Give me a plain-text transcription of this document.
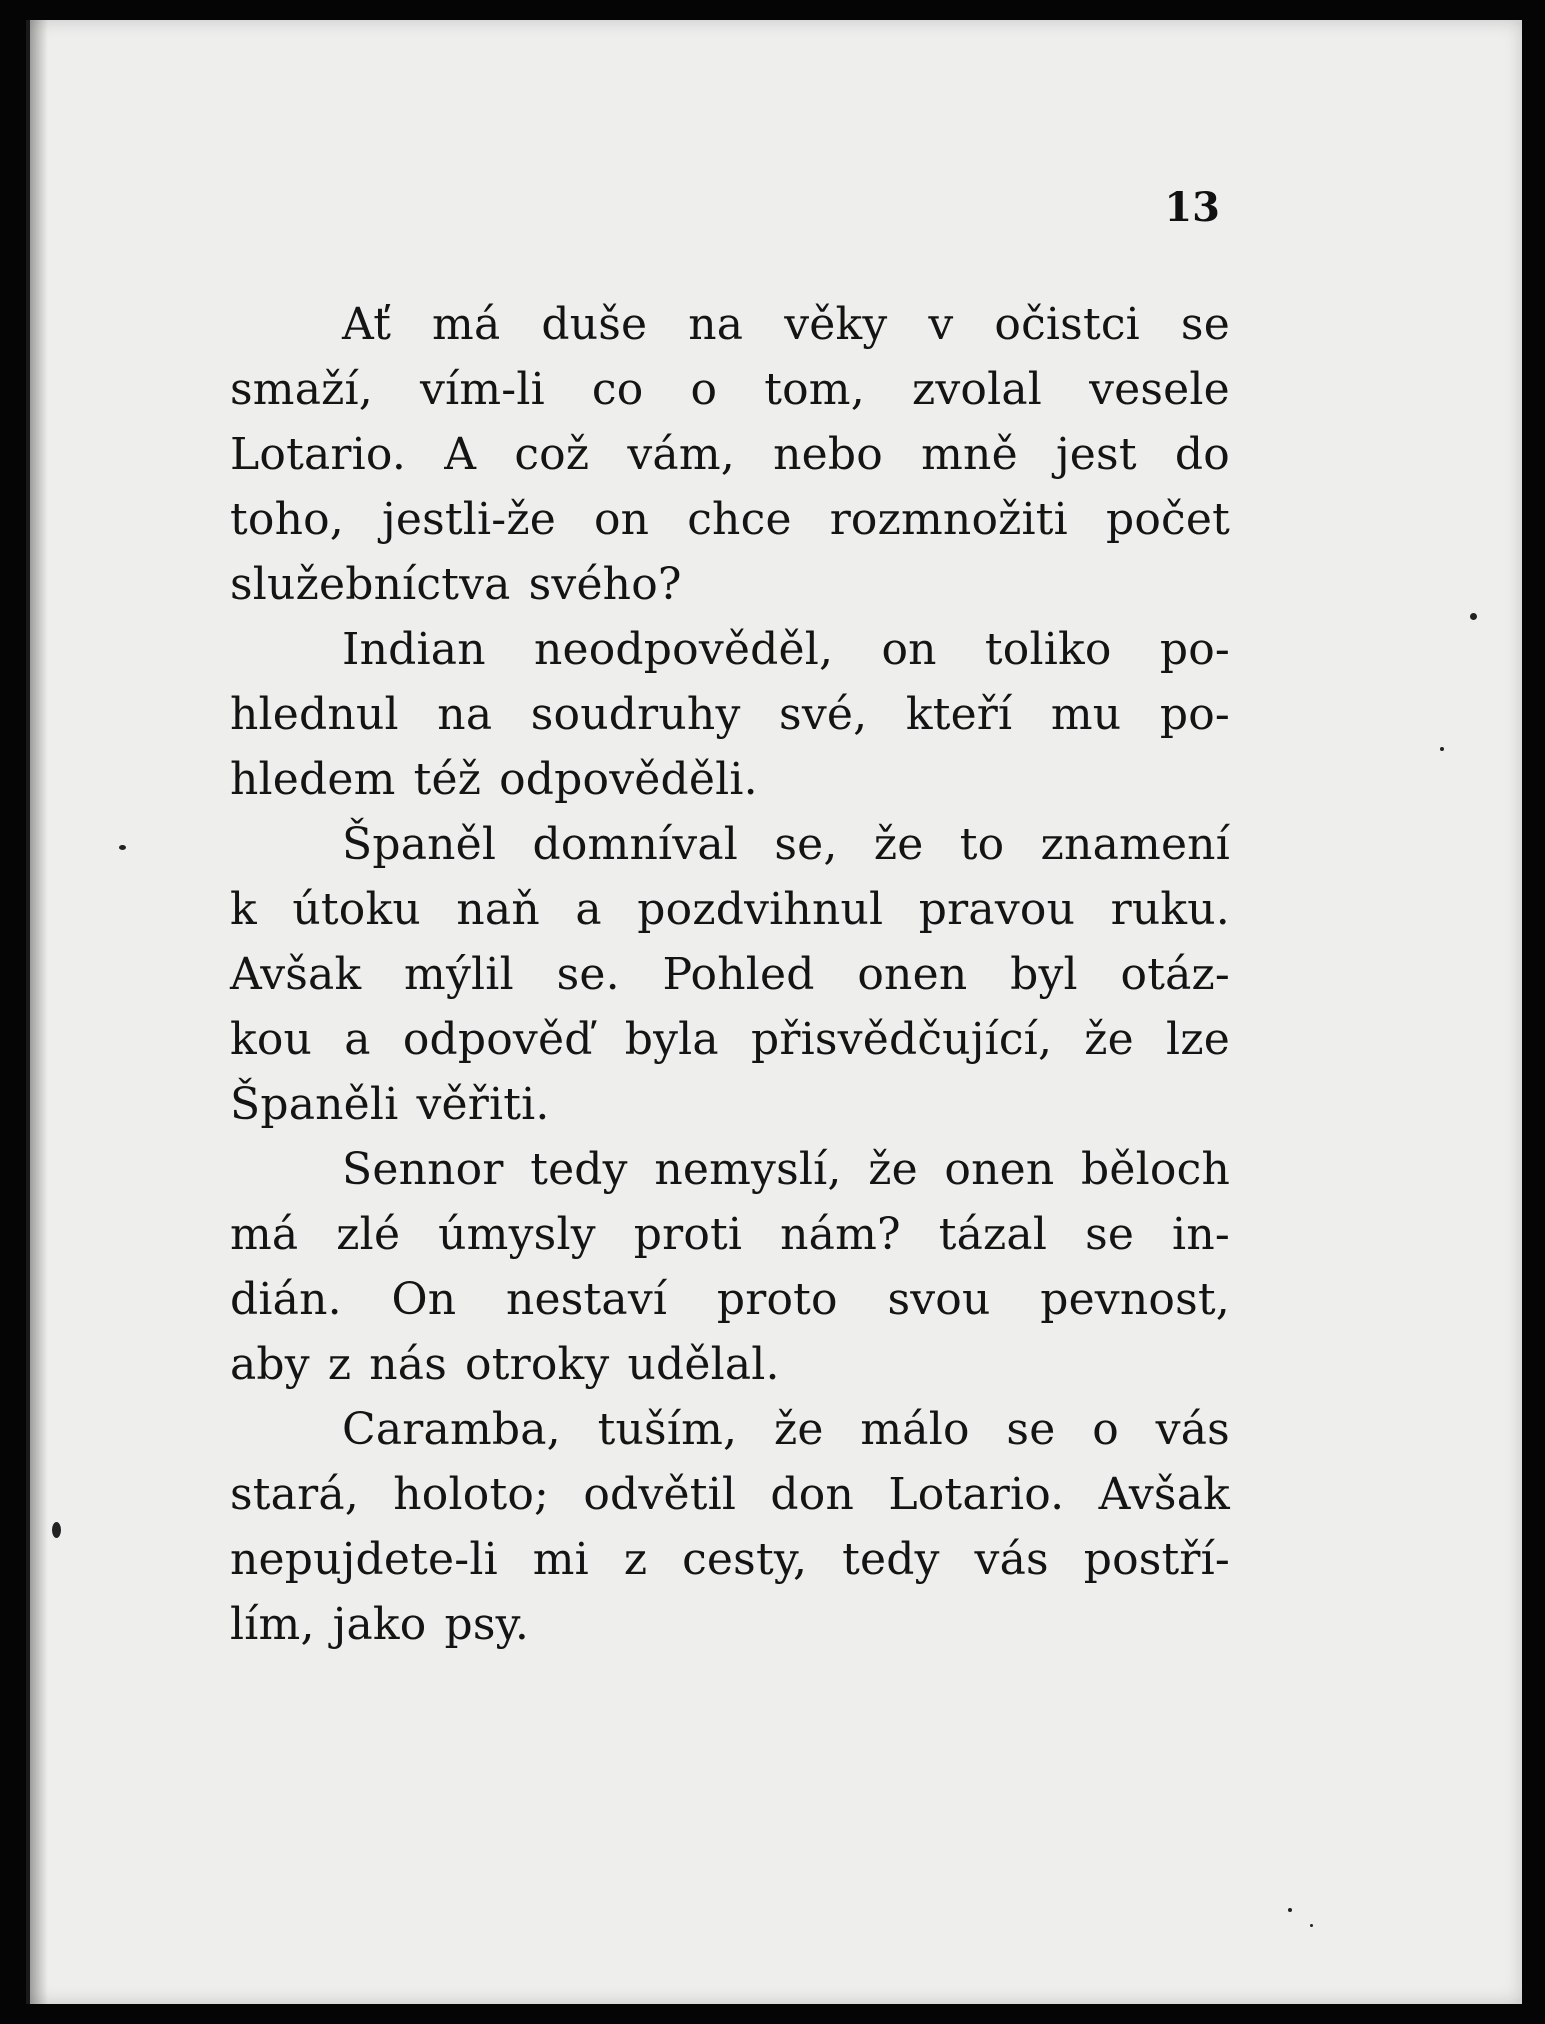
13

Ať má duše na věky v očistci se
smaží, vím-li co o tom, zvolal vesele
Lotario. A což vám, nebo mně jest do
toho, jestli-že on chce rozmnožiti počet
služebníctva svého?
Indian neodpověděl, on toliko po-
hlednul na soudruhy své, kteří mu po-
hledem též odpověděli.
Španěl domníval se, že to znamení
k útoku naň a pozdvihnul pravou ruku.
Avšak mýlil se. Pohled onen byl otáz-
kou a odpověď byla přisvědčující, že lze
Španěli věřiti.
Sennor tedy nemyslí, že onen běloch
má zlé úmysly proti nám? tázal se in-
dián. On nestaví proto svou pevnost,
aby z nás otroky udělal.
Caramba, tuším, že málo se o vás
stará, holoto; odvětil don Lotario. Avšak
nepujdete-li mi z cesty, tedy vás postří-
lím, jako psy.
